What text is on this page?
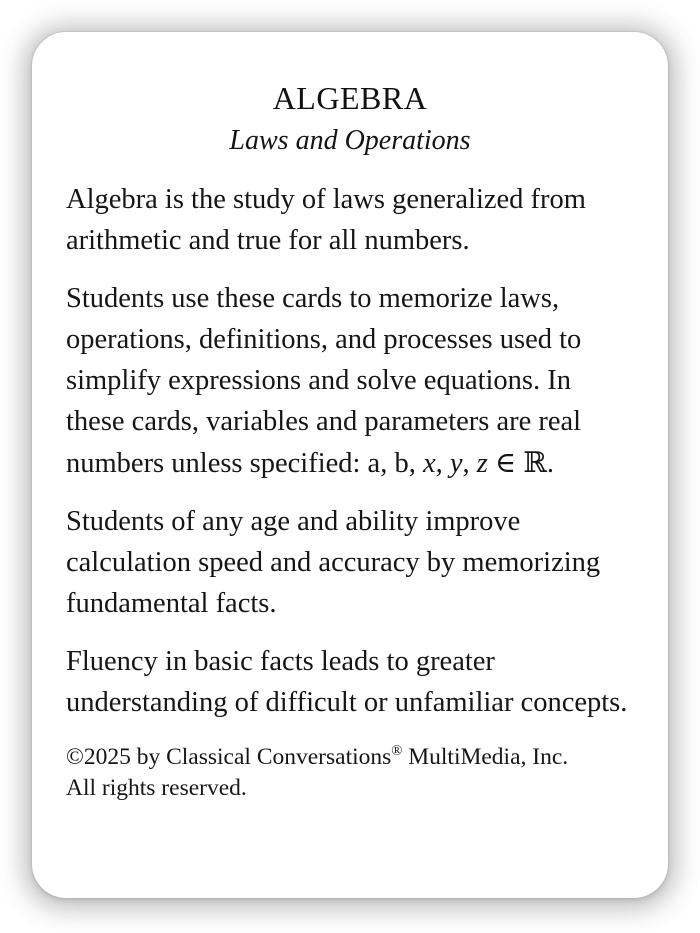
algebra
Laws and Operations

Algebra is the study of laws generalized from arithmetic and true for all numbers.

Students use these cards to memorize laws, operations, definitions, and processes used to simplify expressions and solve equations. In these cards, variables and parameters are real numbers unless specified: a, b, x, y, z ∈ ℝ.

Students of any age and ability improve calculation speed and accuracy by memorizing fundamental facts.

Fluency in basic facts leads to greater understanding of difficult or unfamiliar concepts.

©2025 by Classical Conversations® MultiMedia, Inc.
All rights reserved.
